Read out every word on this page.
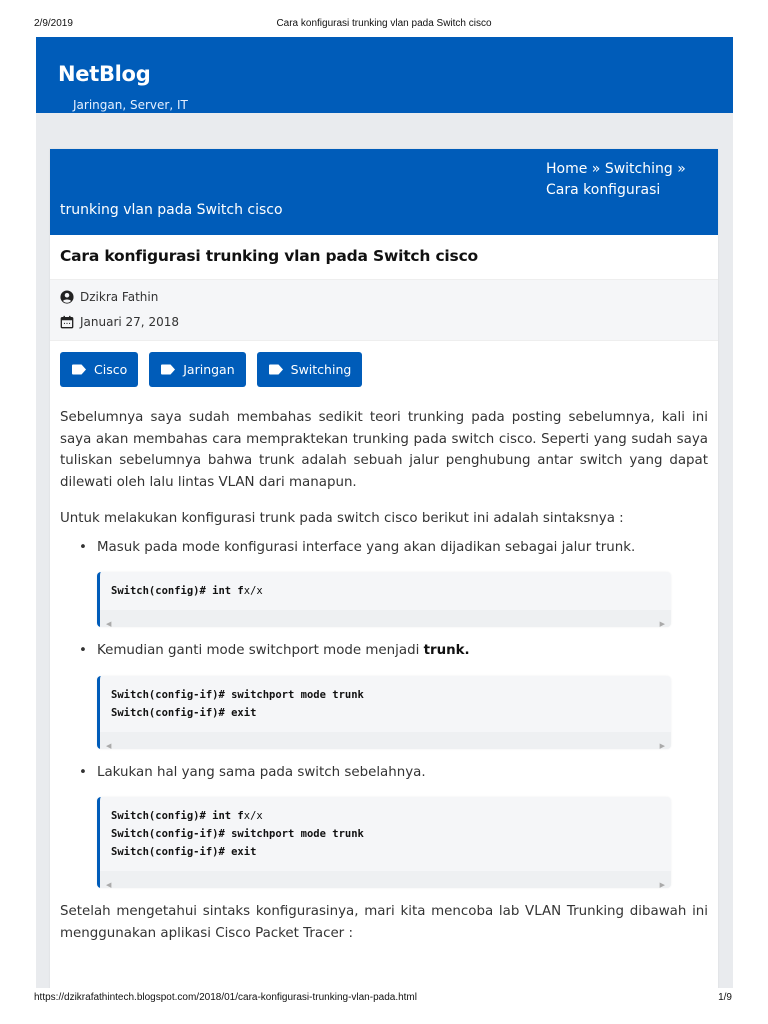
2/9/2019	Cara konfigurasi trunking vlan pada Switch cisco
NetBlog
Jaringan, Server, IT
Home » Switching »
Cara konfigurasi
trunking vlan pada Switch cisco
Cara konfigurasi trunking vlan pada Switch cisco
Dzikra Fathin
Januari 27, 2018
Cisco	Jaringan	Switching

Sebelumnya saya sudah membahas sedikit teori trunking pada posting sebelumnya, kali ini saya akan membahas cara mempraktekan trunking pada switch cisco. Seperti yang sudah saya tuliskan sebelumnya bahwa trunk adalah sebuah jalur penghubung antar switch yang dapat dilewati oleh lalu lintas VLAN dari manapun.

Untuk melakukan konfigurasi trunk pada switch cisco berikut ini adalah sintaksnya :

• Masuk pada mode konfigurasi interface yang akan dijadikan sebagai jalur trunk.
Switch(config)# int fx/x
◀	▶
• Kemudian ganti mode switchport mode menjadi trunk.
Switch(config-if)# switchport mode trunk
Switch(config-if)# exit
◀	▶
• Lakukan hal yang sama pada switch sebelahnya.
Switch(config)# int fx/x
Switch(config-if)# switchport mode trunk
Switch(config-if)# exit
◀	▶

Setelah mengetahui sintaks konfigurasinya, mari kita mencoba lab VLAN Trunking dibawah ini menggunakan aplikasi Cisco Packet Tracer :

https://dzikrafathintech.blogspot.com/2018/01/cara-konfigurasi-trunking-vlan-pada.html	1/9
